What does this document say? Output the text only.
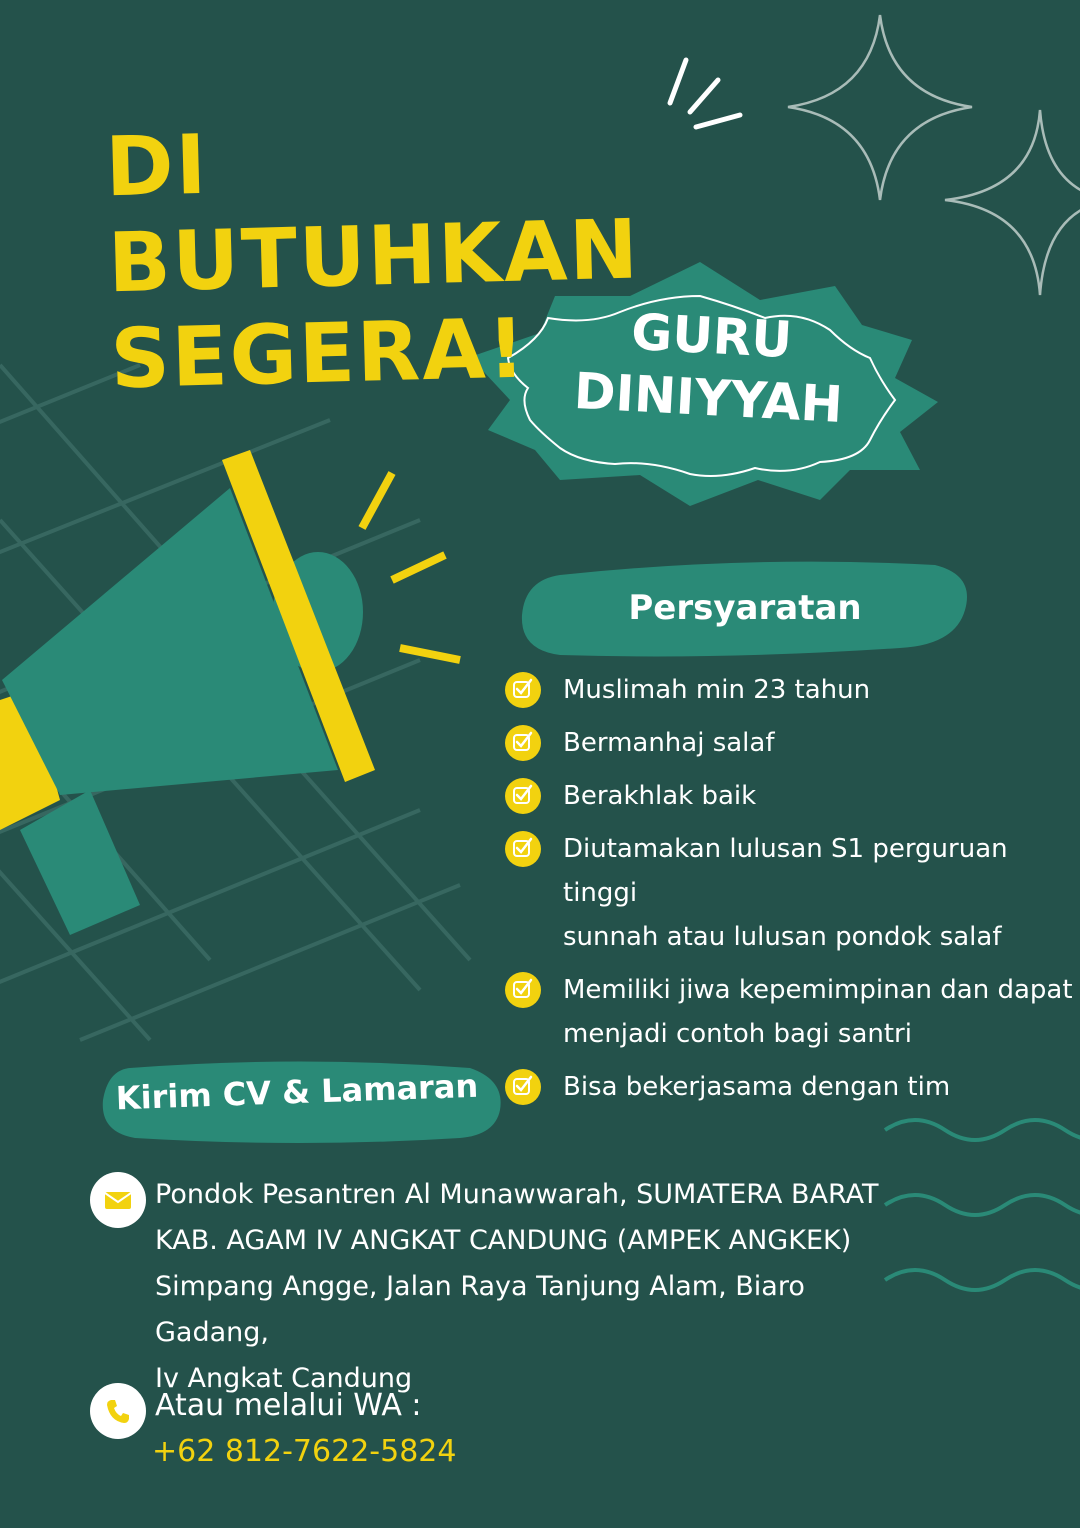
DI BUTUHKAN
SEGERA!	GURU
DINIYYAH
Persyaratan
Muslimah min 23 tahun
Bermanhaj salaf
Berakhlak baik
Diutamakan lulusan S1 perguruan tinggi
sunnah atau lulusan pondok salaf
Memiliki jiwa kepemimpinan dan dapat
menjadi contoh bagi santri
Bisa bekerjasama dengan tim
Kirim CV & Lamaran
Pondok Pesantren Al Munawwarah, SUMATERA BARAT
KAB. AGAM IV ANGKAT CANDUNG (AMPEK ANGKEK)
Simpang Angge, Jalan Raya Tanjung Alam, Biaro Gadang,
Iv Angkat Candung
Atau melalui WA :
+62 812-7622-5824
